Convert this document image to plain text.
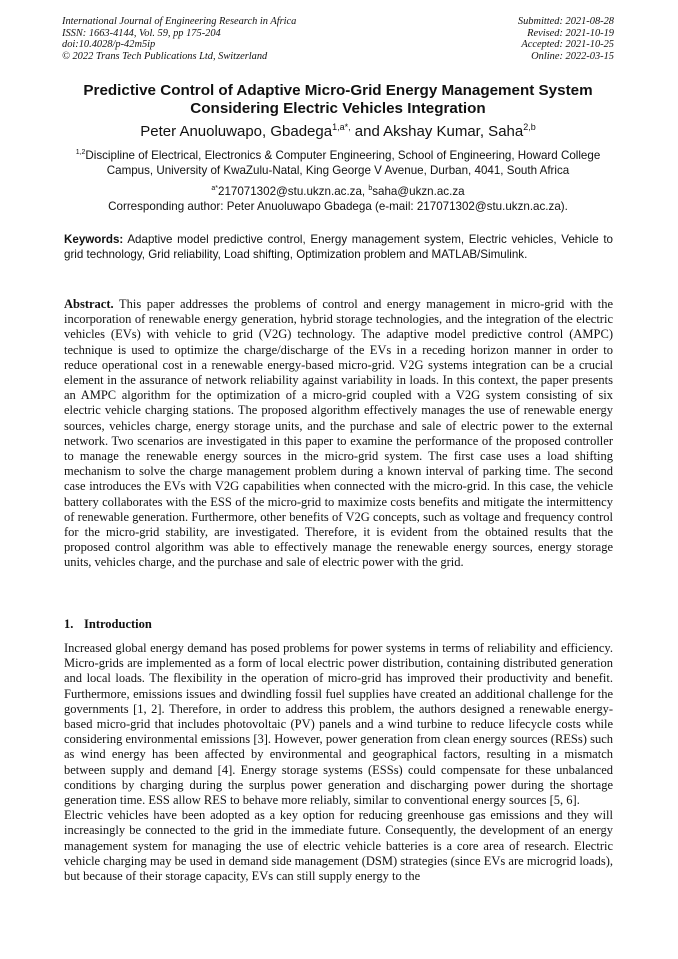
International Journal of Engineering Research in Africa
ISSN: 1663-4144, Vol. 59, pp 175-204
doi:10.4028/p-42m5ip
© 2022 Trans Tech Publications Ltd, Switzerland
Submitted: 2021-08-28
Revised: 2021-10-19
Accepted: 2021-10-25
Online: 2022-03-15
Predictive Control of Adaptive Micro-Grid Energy Management System Considering Electric Vehicles Integration
Peter Anuoluwapo, Gbadega$^{1,a*,}$ and Akshay Kumar, Saha$^{2,b}$
$^{1,2}$Discipline of Electrical, Electronics & Computer Engineering, School of Engineering, Howard College Campus, University of KwaZulu-Natal, King George V Avenue, Durban, 4041, South Africa
$^{a*}$217071302@stu.ukzn.ac.za, $^b$saha@ukzn.ac.za
Corresponding author: Peter Anuoluwapo Gbadega (e-mail: 217071302@stu.ukzn.ac.za).
Keywords: Adaptive model predictive control, Energy management system, Electric vehicles, Vehicle to grid technology, Grid reliability, Load shifting, Optimization problem and MATLAB/Simulink.
Abstract. This paper addresses the problems of control and energy management in micro-grid with the incorporation of renewable energy generation, hybrid storage technologies, and the integration of the electric vehicles (EVs) with vehicle to grid (V2G) technology. The adaptive model predictive control (AMPC) technique is used to optimize the charge/discharge of the EVs in a receding horizon manner in order to reduce operational cost in a renewable energy-based micro-grid. V2G systems integration can be a crucial element in the assurance of network reliability against variability in loads. In this context, the paper presents an AMPC algorithm for the optimization of a micro-grid coupled with a V2G system consisting of six electric vehicle charging stations. The proposed algorithm effectively manages the use of renewable energy sources, vehicles charge, energy storage units, and the purchase and sale of electric power to the external network. Two scenarios are investigated in this paper to examine the performance of the proposed controller to manage the renewable energy sources in the micro-grid system. The first case uses a load shifting mechanism to solve the charge management problem during a known interval of parking time. The second case introduces the EVs with V2G capabilities when connected with the micro-grid. In this case, the vehicle battery collaborates with the ESS of the micro-grid to maximize costs benefits and mitigate the intermittency of renewable generation. Furthermore, other benefits of V2G concepts, such as voltage and frequency control for the micro-grid stability, are investigated. Therefore, it is evident from the obtained results that the proposed control algorithm was able to effectively manage the renewable energy sources, energy storage units, vehicles charge, and the purchase and sale of electric power with the grid.
1. Introduction

Increased global energy demand has posed problems for power systems in terms of reliability and efficiency. Micro-grids are implemented as a form of local electric power distribution, containing distributed generation and local loads. The flexibility in the operation of micro-grid has improved their productivity and benefit. Furthermore, emissions issues and dwindling fossil fuel supplies have created an additional challenge for the governments [1, 2]. Therefore, in order to address this problem, the authors designed a renewable energy-based micro-grid that includes photovoltaic (PV) panels and a wind turbine to reduce lifecycle costs while considering environmental emissions [3]. However, power generation from clean energy sources (RESs) such as wind energy has been affected by environmental and geographical factors, resulting in a mismatch between supply and demand [4]. Energy storage systems (ESSs) could compensate for these unbalanced conditions by charging during the surplus power generation and discharging power during the shortage generation time. ESS allow RES to behave more reliably, similar to conventional energy sources [5, 6].

Electric vehicles have been adopted as a key option for reducing greenhouse gas emissions and they will increasingly be connected to the grid in the immediate future. Consequently, the development of an energy management system for managing the use of electric vehicle batteries is a core area of research. Electric vehicle charging may be used in demand side management (DSM) strategies (since EVs are microgrid loads), but because of their storage capacity, EVs can still supply energy to the
